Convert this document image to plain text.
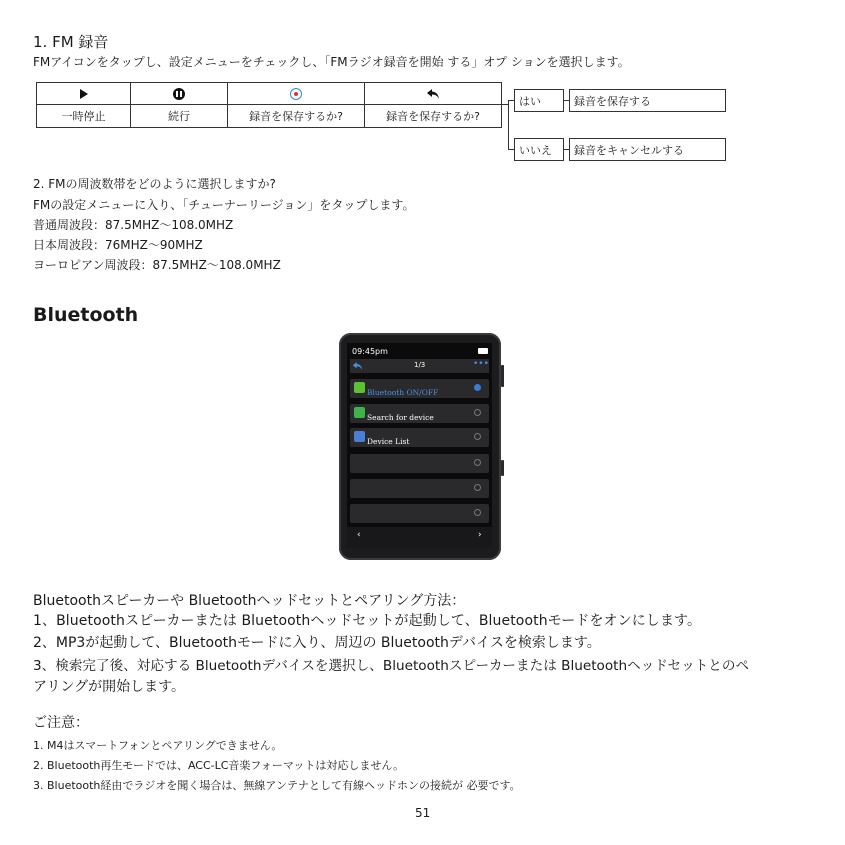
1. FM 録音
FMアイコンをタップし、設定メニューをチェックし、「FMラジオ録音を開始 する」オプ ションを選択します。
一時停止	続行	録音を保存するか?	録音を保存するか?
はい	録音を保存する
いいえ 録音をキャンセルする
2. FMの周波数帯をどのように選択しますか?
FMの設定メニューに入り、「チューナーリージョン」をタップします。
普通周波段：87.5MHZ～108.0MHZ
日本周波段：76MHZ～90MHZ
ヨーロピアン周波段：87.5MHZ～108.0MHZ
Bluetooth
09:45pm
1/3	•••
Bluetooth ON/OFF
Search for device
Device List
‹	›
Bluetoothスピーカーや Bluetoothヘッドセットとペアリング方法：
1、Bluetoothスピーカーまたは Bluetoothヘッドセットが起動して、Bluetoothモードをオンにします。
2、MP3が起動して、Bluetoothモードに入り、周辺の Bluetoothデバイスを検索します。
3、検索完了後、対応する Bluetoothデバイスを選択し、Bluetoothスピーカーまたは Bluetoothヘッドセットとのペ
アリングが開始します。
ご注意：
1. M4はスマートフォンとペアリングできません。
2. Bluetooth再生モードでは、ACC-LC音楽フォーマットは対応しません。
3. Bluetooth経由でラジオを聞く場合は、無線アンテナとして有線ヘッドホンの接続が 必要です。
51
